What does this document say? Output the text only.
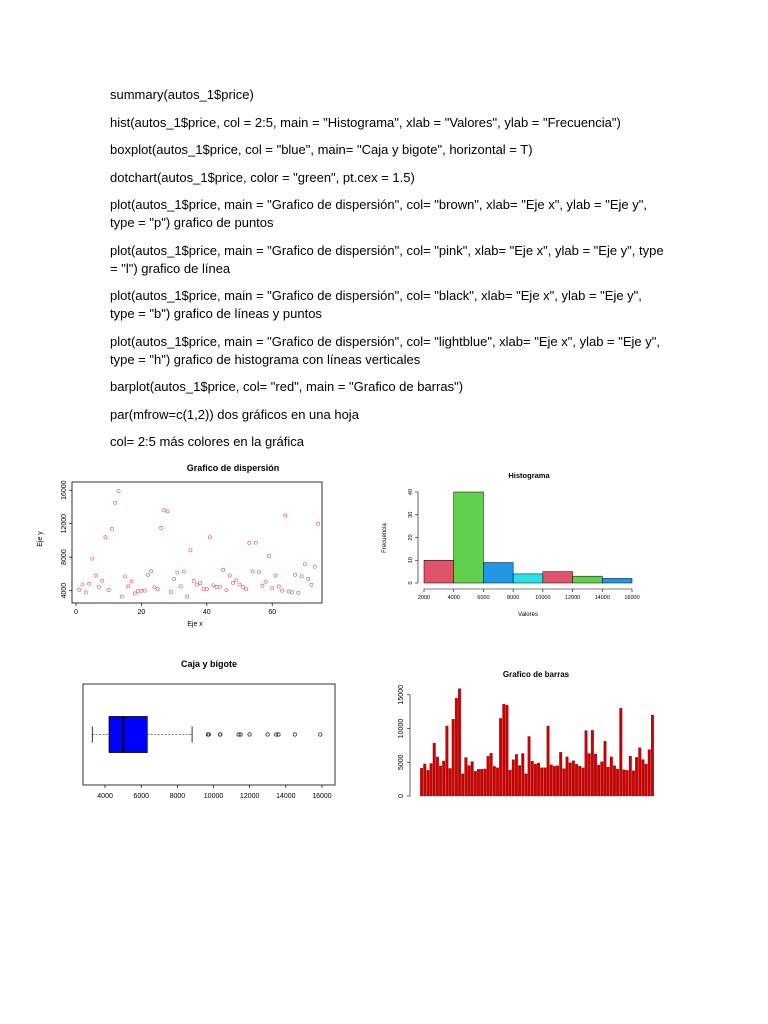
summary(autos_1$price)
hist(autos_1$price, col = 2:5, main = "Histograma", xlab = "Valores", ylab = "Frecuencia")
boxplot(autos_1$price, col = "blue", main= "Caja y bigote", horizontal = T)
dotchart(autos_1$price, color = "green", pt.cex = 1.5)
plot(autos_1$price, main = "Grafico de dispersión", col= "brown", xlab= "Eje x", ylab = "Eje y", type = "p") grafico de puntos
plot(autos_1$price, main = "Grafico de dispersión", col= "pink", xlab= "Eje x", ylab = "Eje y", type = "l") grafico de línea
plot(autos_1$price, main = "Grafico de dispersión", col= "black", xlab= "Eje x", ylab = "Eje y", type = "b") grafico de líneas y puntos
plot(autos_1$price, main = "Grafico de dispersión", col= "lightblue", xlab= "Eje x", ylab = "Eje y", type = "h") grafico de histograma con líneas verticales
barplot(autos_1$price, col= "red", main = "Grafico de barras")
par(mfrow=c(1,2)) dos gráficos en una hoja
col= 2:5 más colores en la gráfica
Grafico de dispersión
Eje y
Eje x
0	20	40	60
4000
8000
12000
16000
Histograma
Frecuencia
Valores
2000	4000	6000	8000	10000	12000	14000	16000
0
10
20
30
40
Caja y bigote
4000	6000	8000	10000 12000 14000 16000
Grafico de barras
0
5000
10000
15000
